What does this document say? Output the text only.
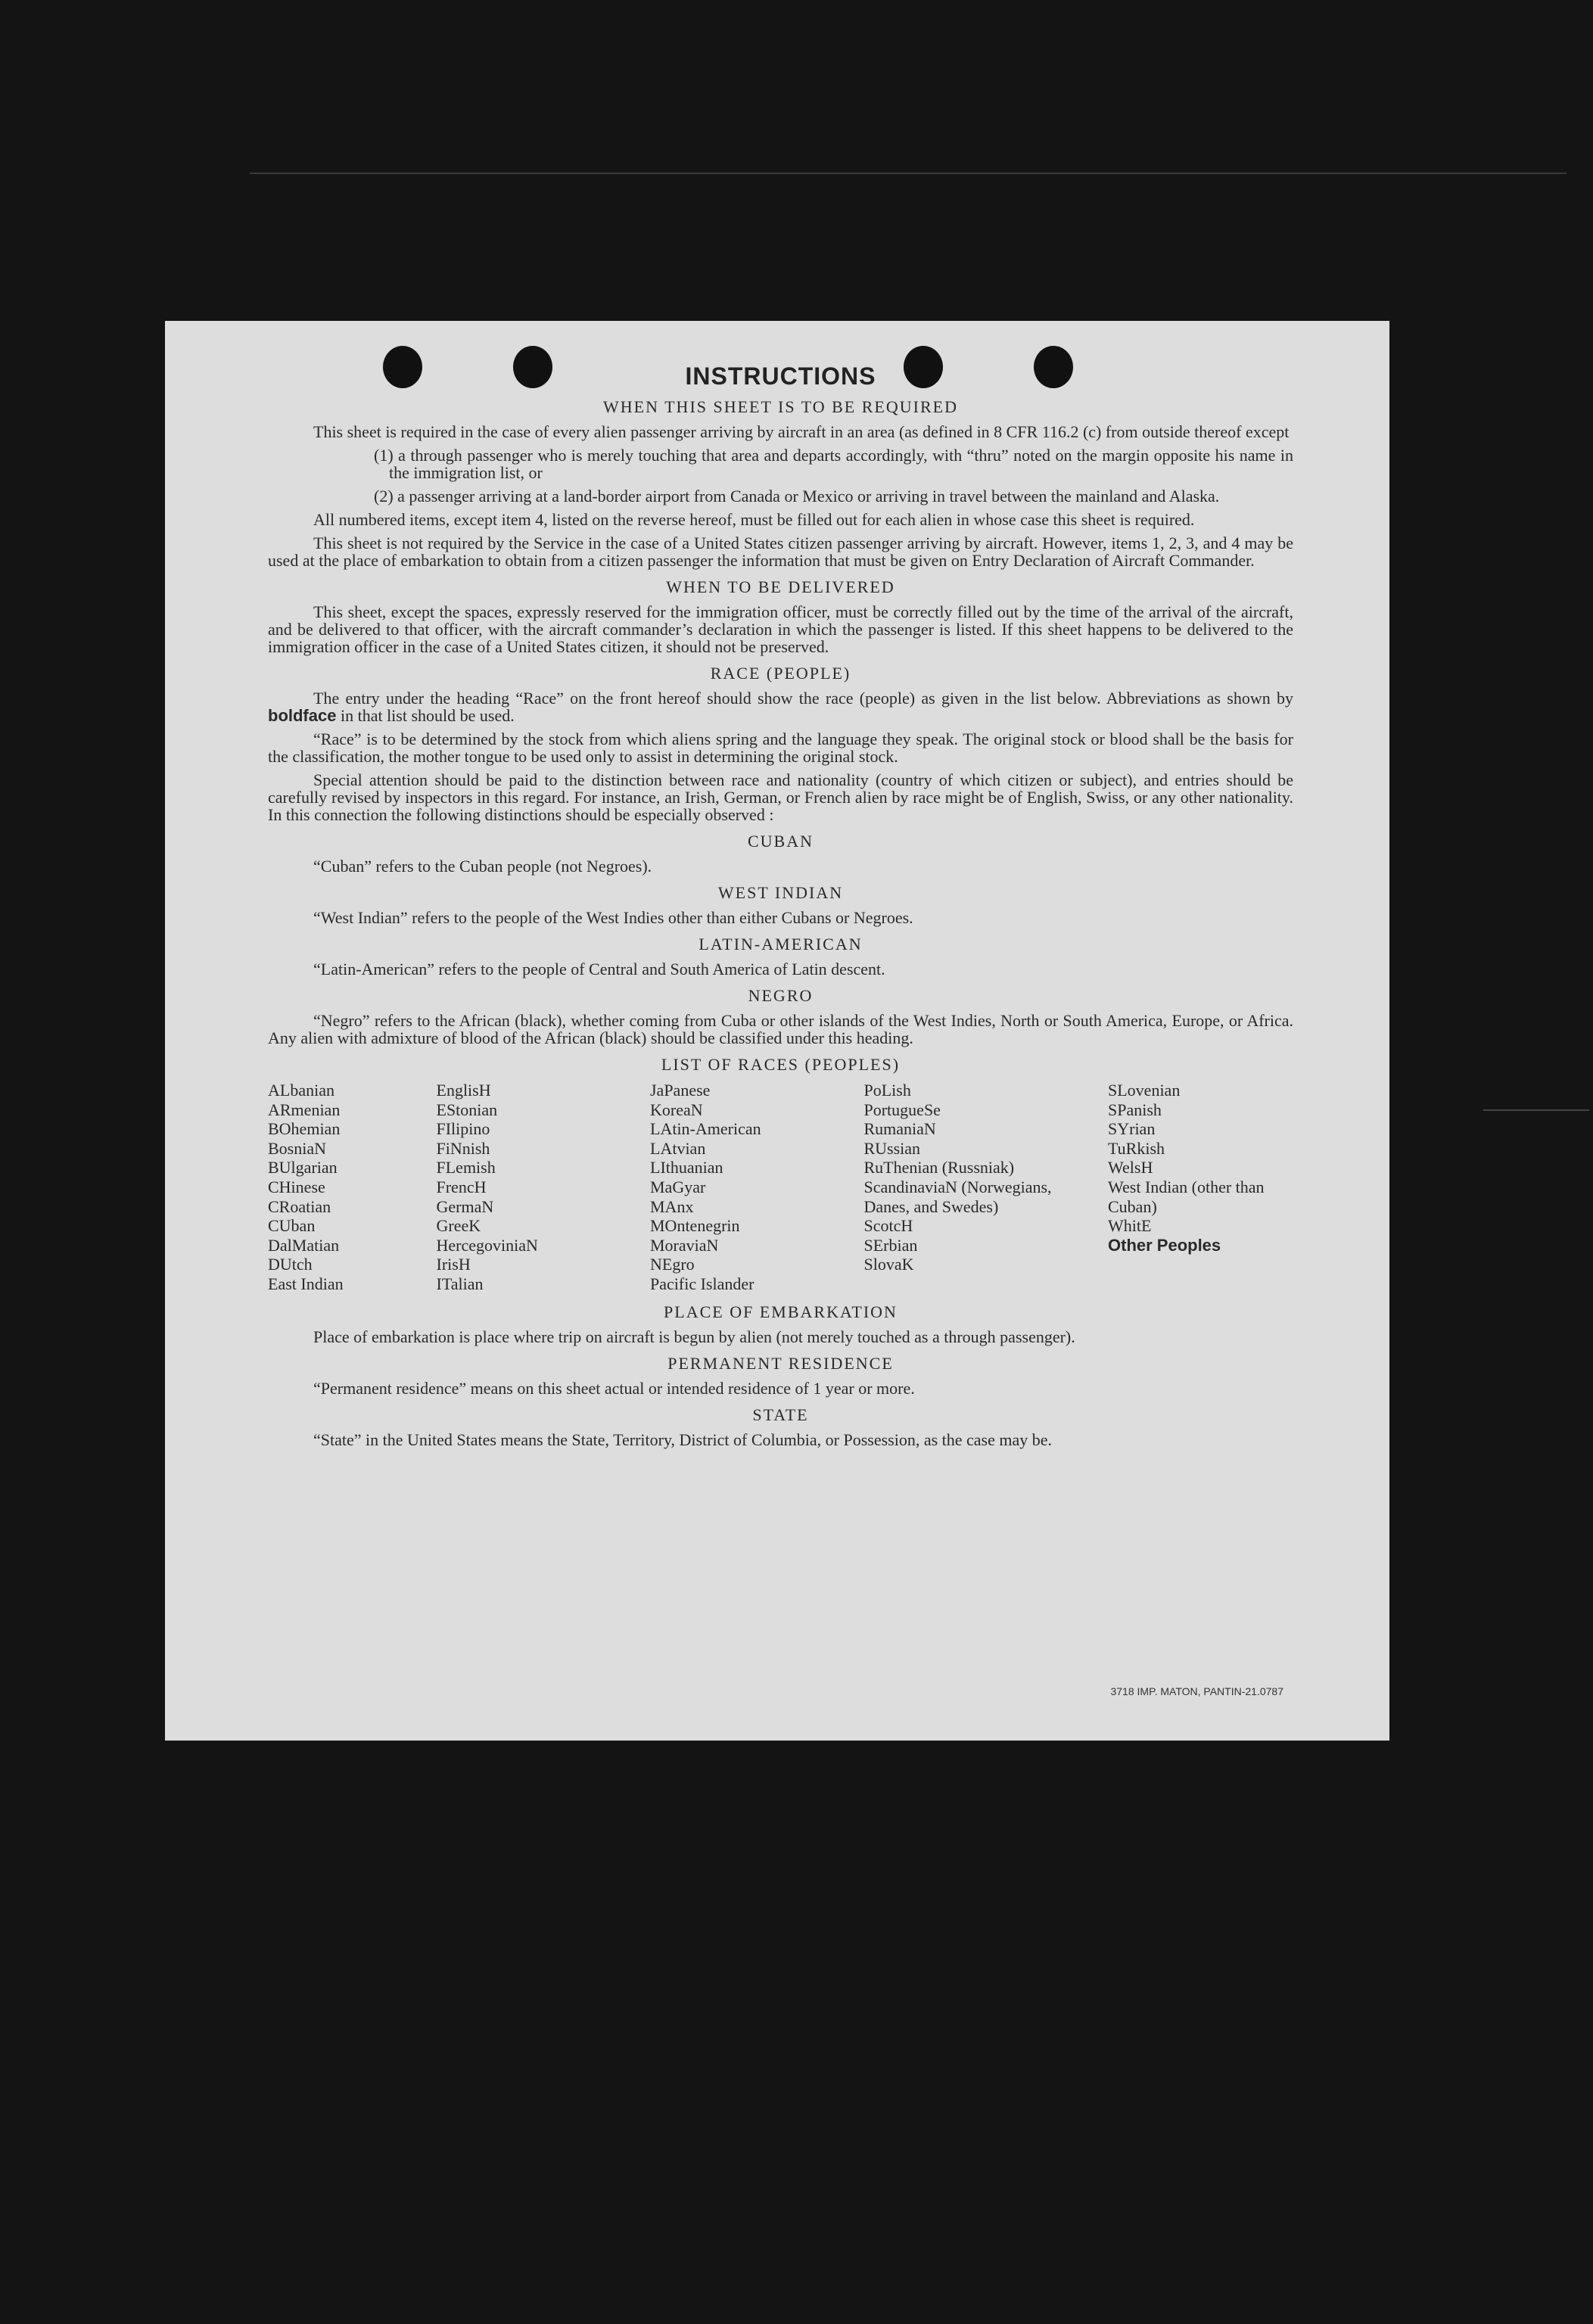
INSTRUCTIONS
WHEN THIS SHEET IS TO BE REQUIRED

This sheet is required in the case of every alien passenger arriving by aircraft in an area (as defined in 8 CFR 116.2 (c) from outside thereof except

(1) a through passenger who is merely touching that area and departs accordingly, with “thru” noted on the margin opposite his name in the immigration list, or

(2) a passenger arriving at a land-border airport from Canada or Mexico or arriving in travel between the mainland and Alaska.

All numbered items, except item 4, listed on the reverse hereof, must be filled out for each alien in whose case this sheet is required.

This sheet is not required by the Service in the case of a United States citizen passenger arriving by aircraft. However, items 1, 2, 3, and 4 may be used at the place of embarkation to obtain from a citizen passenger the information that must be given on Entry Declaration of Aircraft Commander.

WHEN TO BE DELIVERED

This sheet, except the spaces, expressly reserved for the immigration officer, must be correctly filled out by the time of the arrival of the aircraft, and be delivered to that officer, with the aircraft commander’s declaration in which the passenger is listed. If this sheet happens to be delivered to the immigration officer in the case of a United States citizen, it should not be preserved.

RACE (PEOPLE)

The entry under the heading “Race” on the front hereof should show the race (people) as given in the list below. Abbreviations as shown by boldface in that list should be used.

“Race” is to be determined by the stock from which aliens spring and the language they speak. The original stock or blood shall be the basis for the classification, the mother tongue to be used only to assist in determining the original stock.

Special attention should be paid to the distinction between race and nationality (country of which citizen or subject), and entries should be carefully revised by inspectors in this regard. For instance, an Irish, German, or French alien by race might be of English, Swiss, or any other nationality. In this connection the following distinctions should be especially observed :

CUBAN

“Cuban” refers to the Cuban people (not Negroes).

WEST INDIAN

“West Indian” refers to the people of the West Indies other than either Cubans or Negroes.

LATIN-AMERICAN

“Latin-American” refers to the people of Central and South America of Latin descent.

NEGRO

“Negro” refers to the African (black), whether coming from Cuba or other islands of the West Indies, North or South America, Europe, or Africa. Any alien with admixture of blood of the African (black) should be classified under this heading.

LIST OF RACES (PEOPLES)
ALbanian
ARmenian
BOhemian
BosniaN
BUlgarian
CHinese
CRoatian
CUban
DalMatian
DUtch
East Indian
EnglisH
EStonian
FIlipino
FiNnish
FLemish
FrencH
GermaN
GreeK
HercegoviniaN
IrisH
ITalian
JaPanese
KoreaN
LAtin-American
LAtvian
LIthuanian
MaGyar
MAnx
MOntenegrin
MoraviaN
NEgro
Pacific Islander
PoLish
PortugueSe
RumaniaN
RUssian
RuThenian (Russniak)
ScandinaviaN (Norwegians, Danes, and Swedes)
ScotcH
SErbian
SlovaK
SLovenian
SPanish
SYrian
TuRkish
WelsH
West Indian (other than Cuban)
WhitE
Other Peoples
PLACE OF EMBARKATION

Place of embarkation is place where trip on aircraft is begun by alien (not merely touched as a through passenger).

PERMANENT RESIDENCE

“Permanent residence” means on this sheet actual or intended residence of 1 year or more.

STATE

“State” in the United States means the State, Territory, District of Columbia, or Possession, as the case may be.

3718 IMP. MATON, PANTIN-21.0787
